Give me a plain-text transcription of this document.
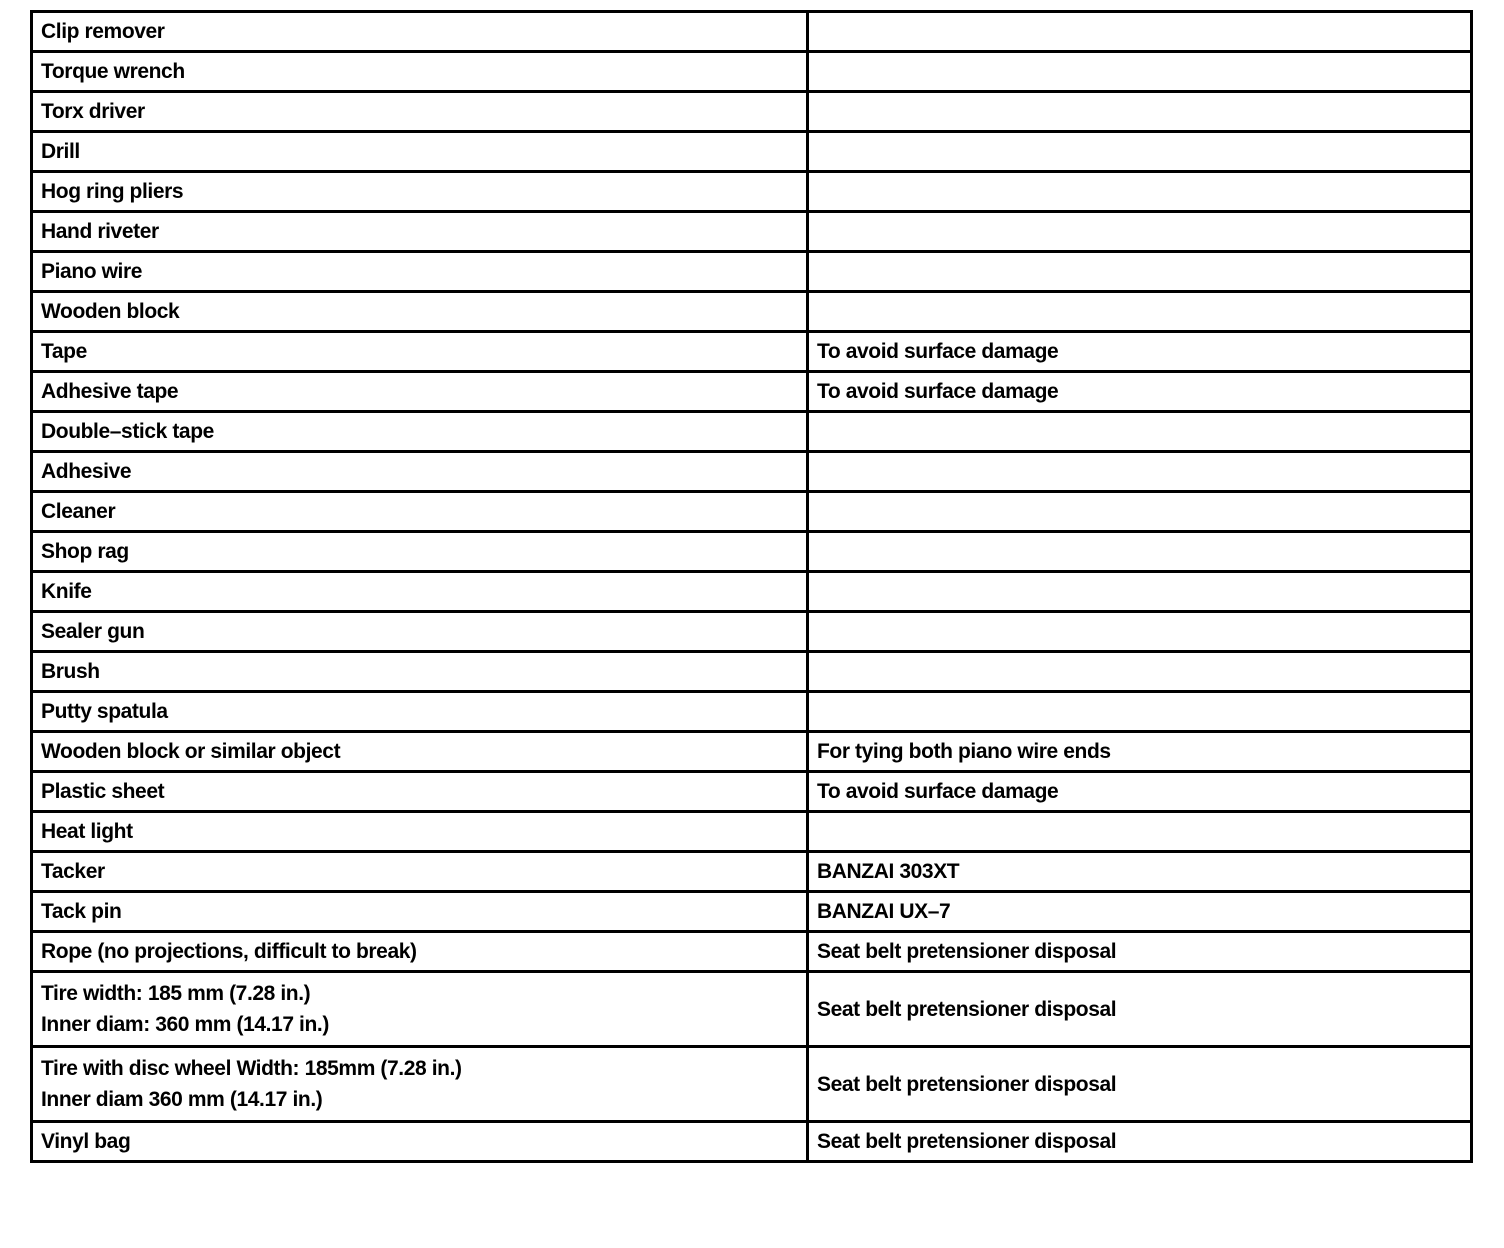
Clip remover	
Torque wrench	
Torx driver	
Drill	
Hog ring pliers	
Hand riveter	
Piano wire	
Wooden block	
Tape	To avoid surface damage
Adhesive tape	To avoid surface damage
Double–stick tape	
Adhesive	
Cleaner	
Shop rag	
Knife	
Sealer gun	
Brush	
Putty spatula	
Wooden block or similar object	For tying both piano wire ends
Plastic sheet	To avoid surface damage
Heat light	
Tacker	BANZAI 303XT
Tack pin	BANZAI UX–7
Rope (no projections, difficult to break)	Seat belt pretensioner disposal

Tire width: 185 mm (7.28 in.)
Inner diam: 360 mm (14.17 in.)	Seat belt pretensioner disposal

Tire with disc wheel Width: 185mm (7.28 in.)
Inner diam 360 mm (14.17 in.)	Seat belt pretensioner disposal
Vinyl bag	Seat belt pretensioner disposal
